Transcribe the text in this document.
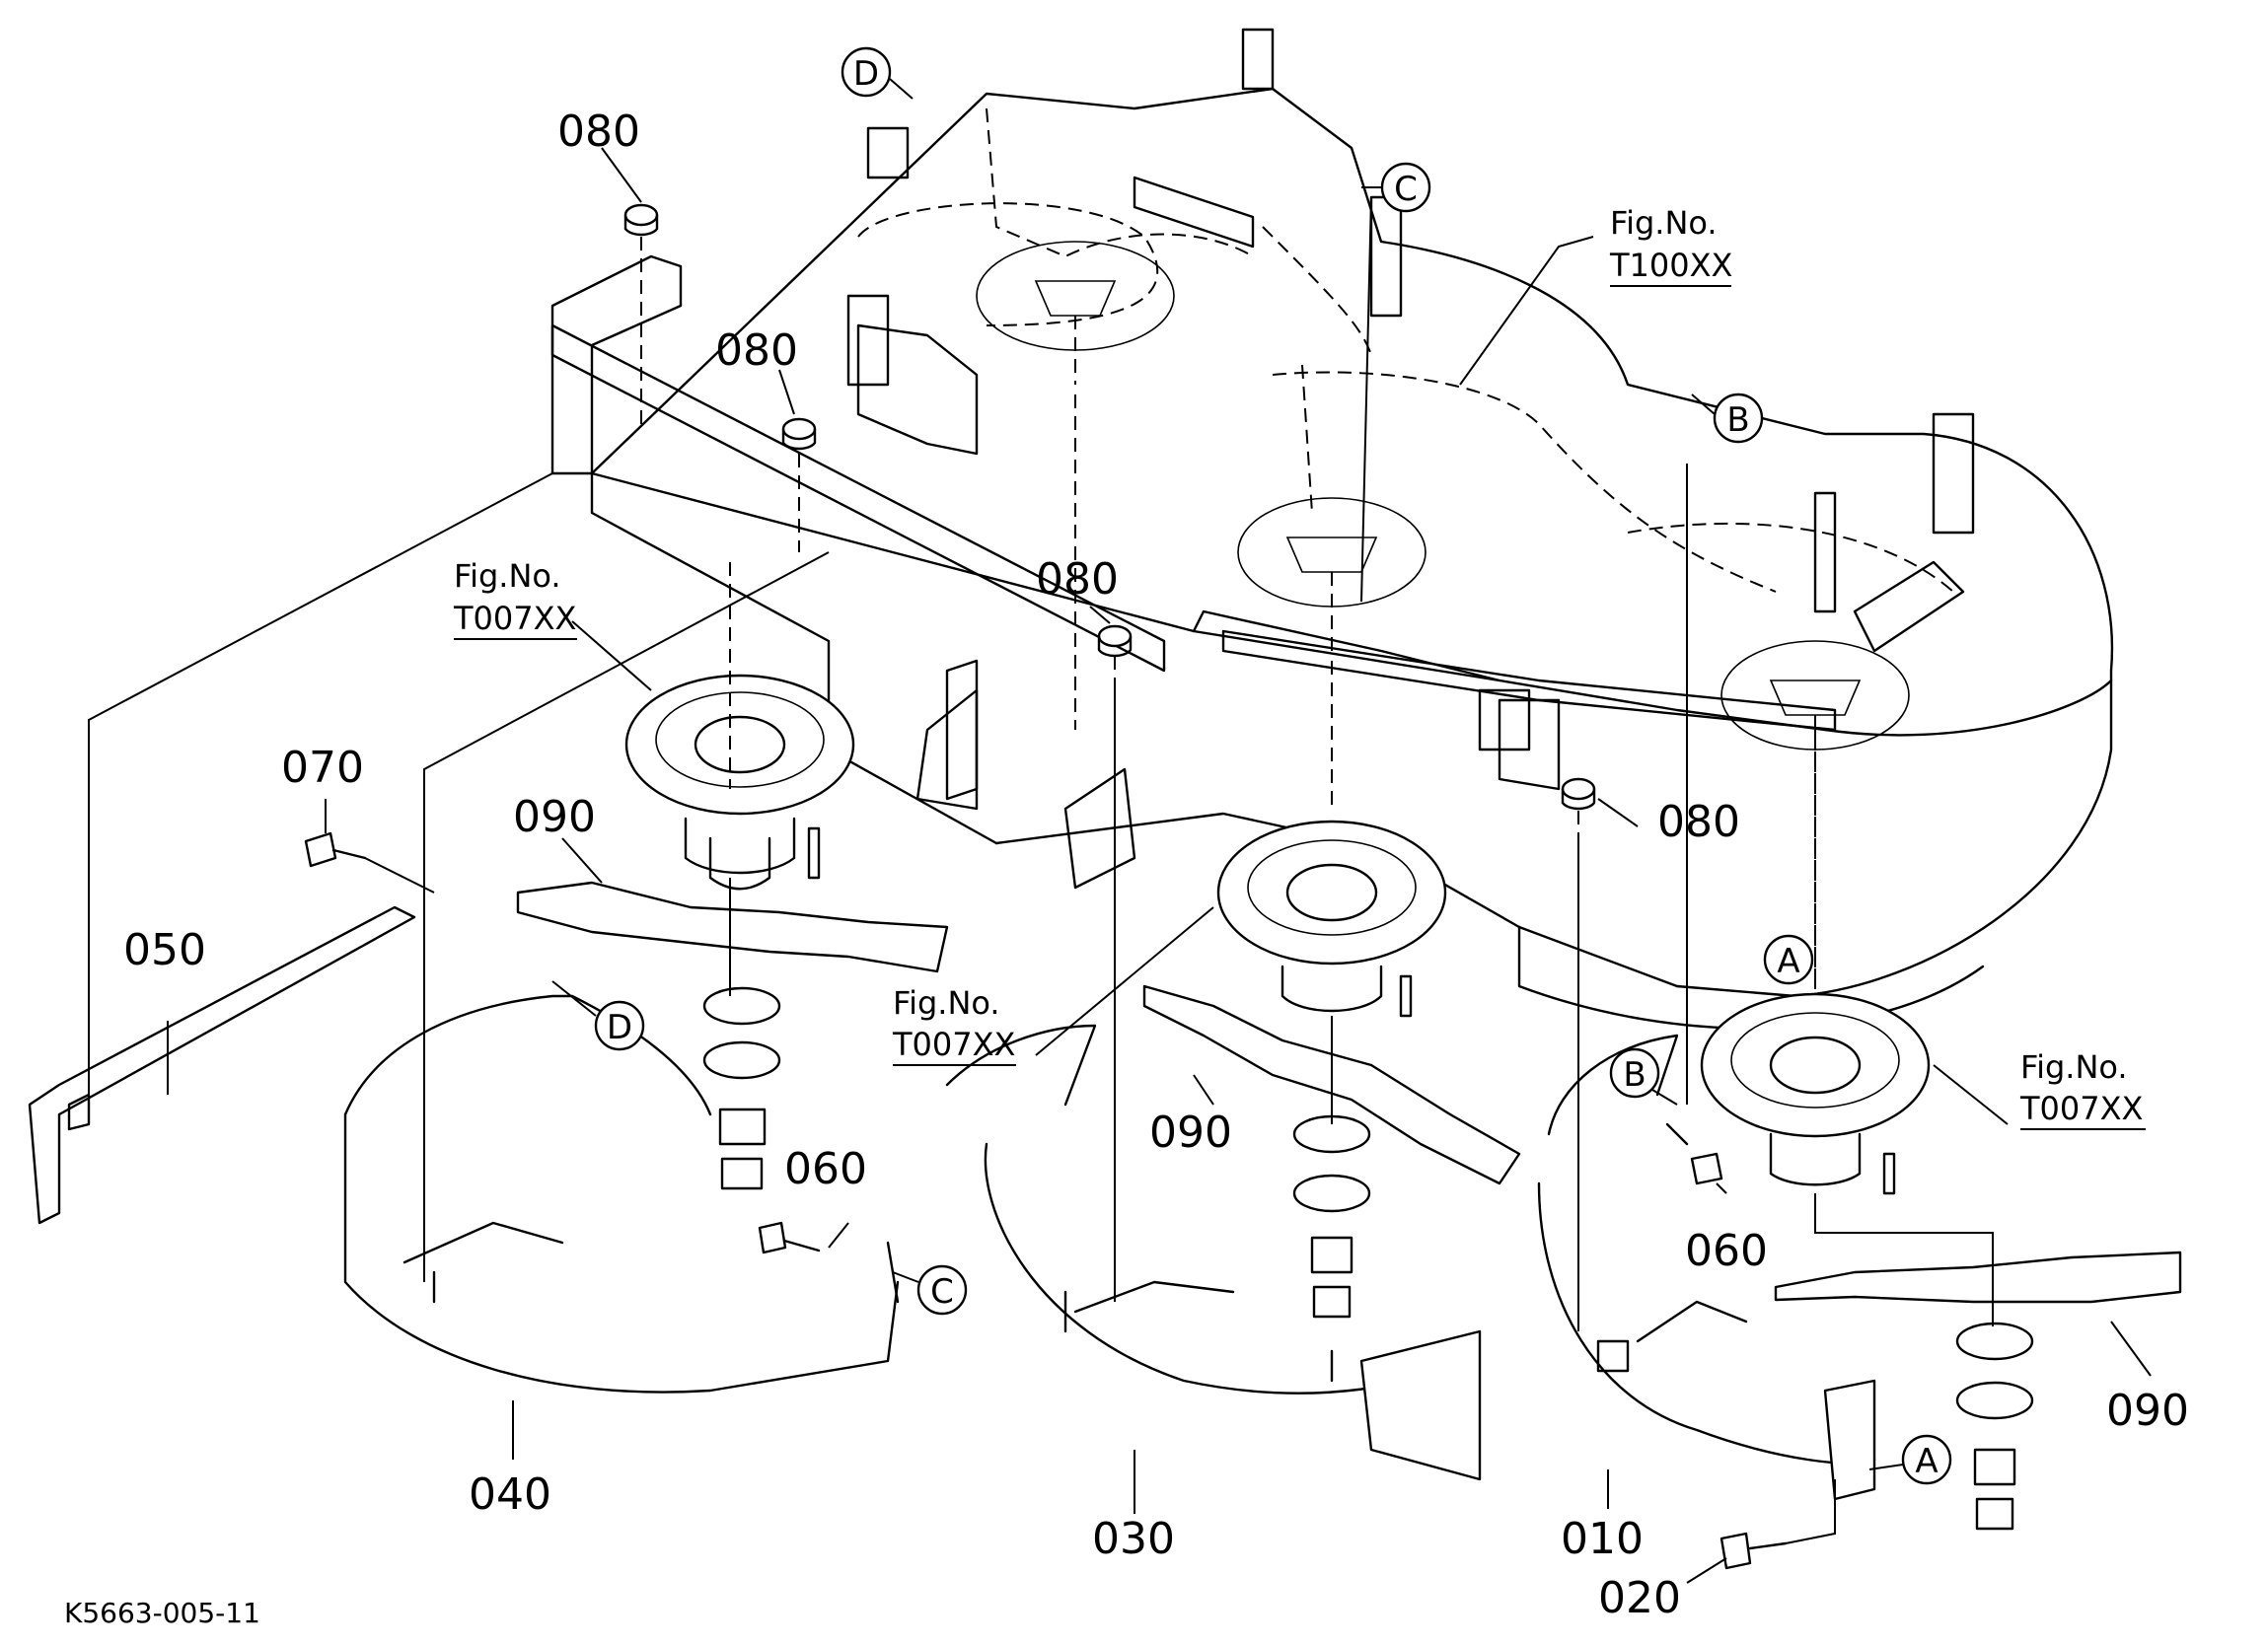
D
C
B
A
D
C
B
A
080
080
080
080
070
090
050
060
040
090
030
060
090
010
020
Fig.No.
T100XX
Fig.No.
T007XX
Fig.No.
T007XX
Fig.No.
T007XX
K5663-005-11
